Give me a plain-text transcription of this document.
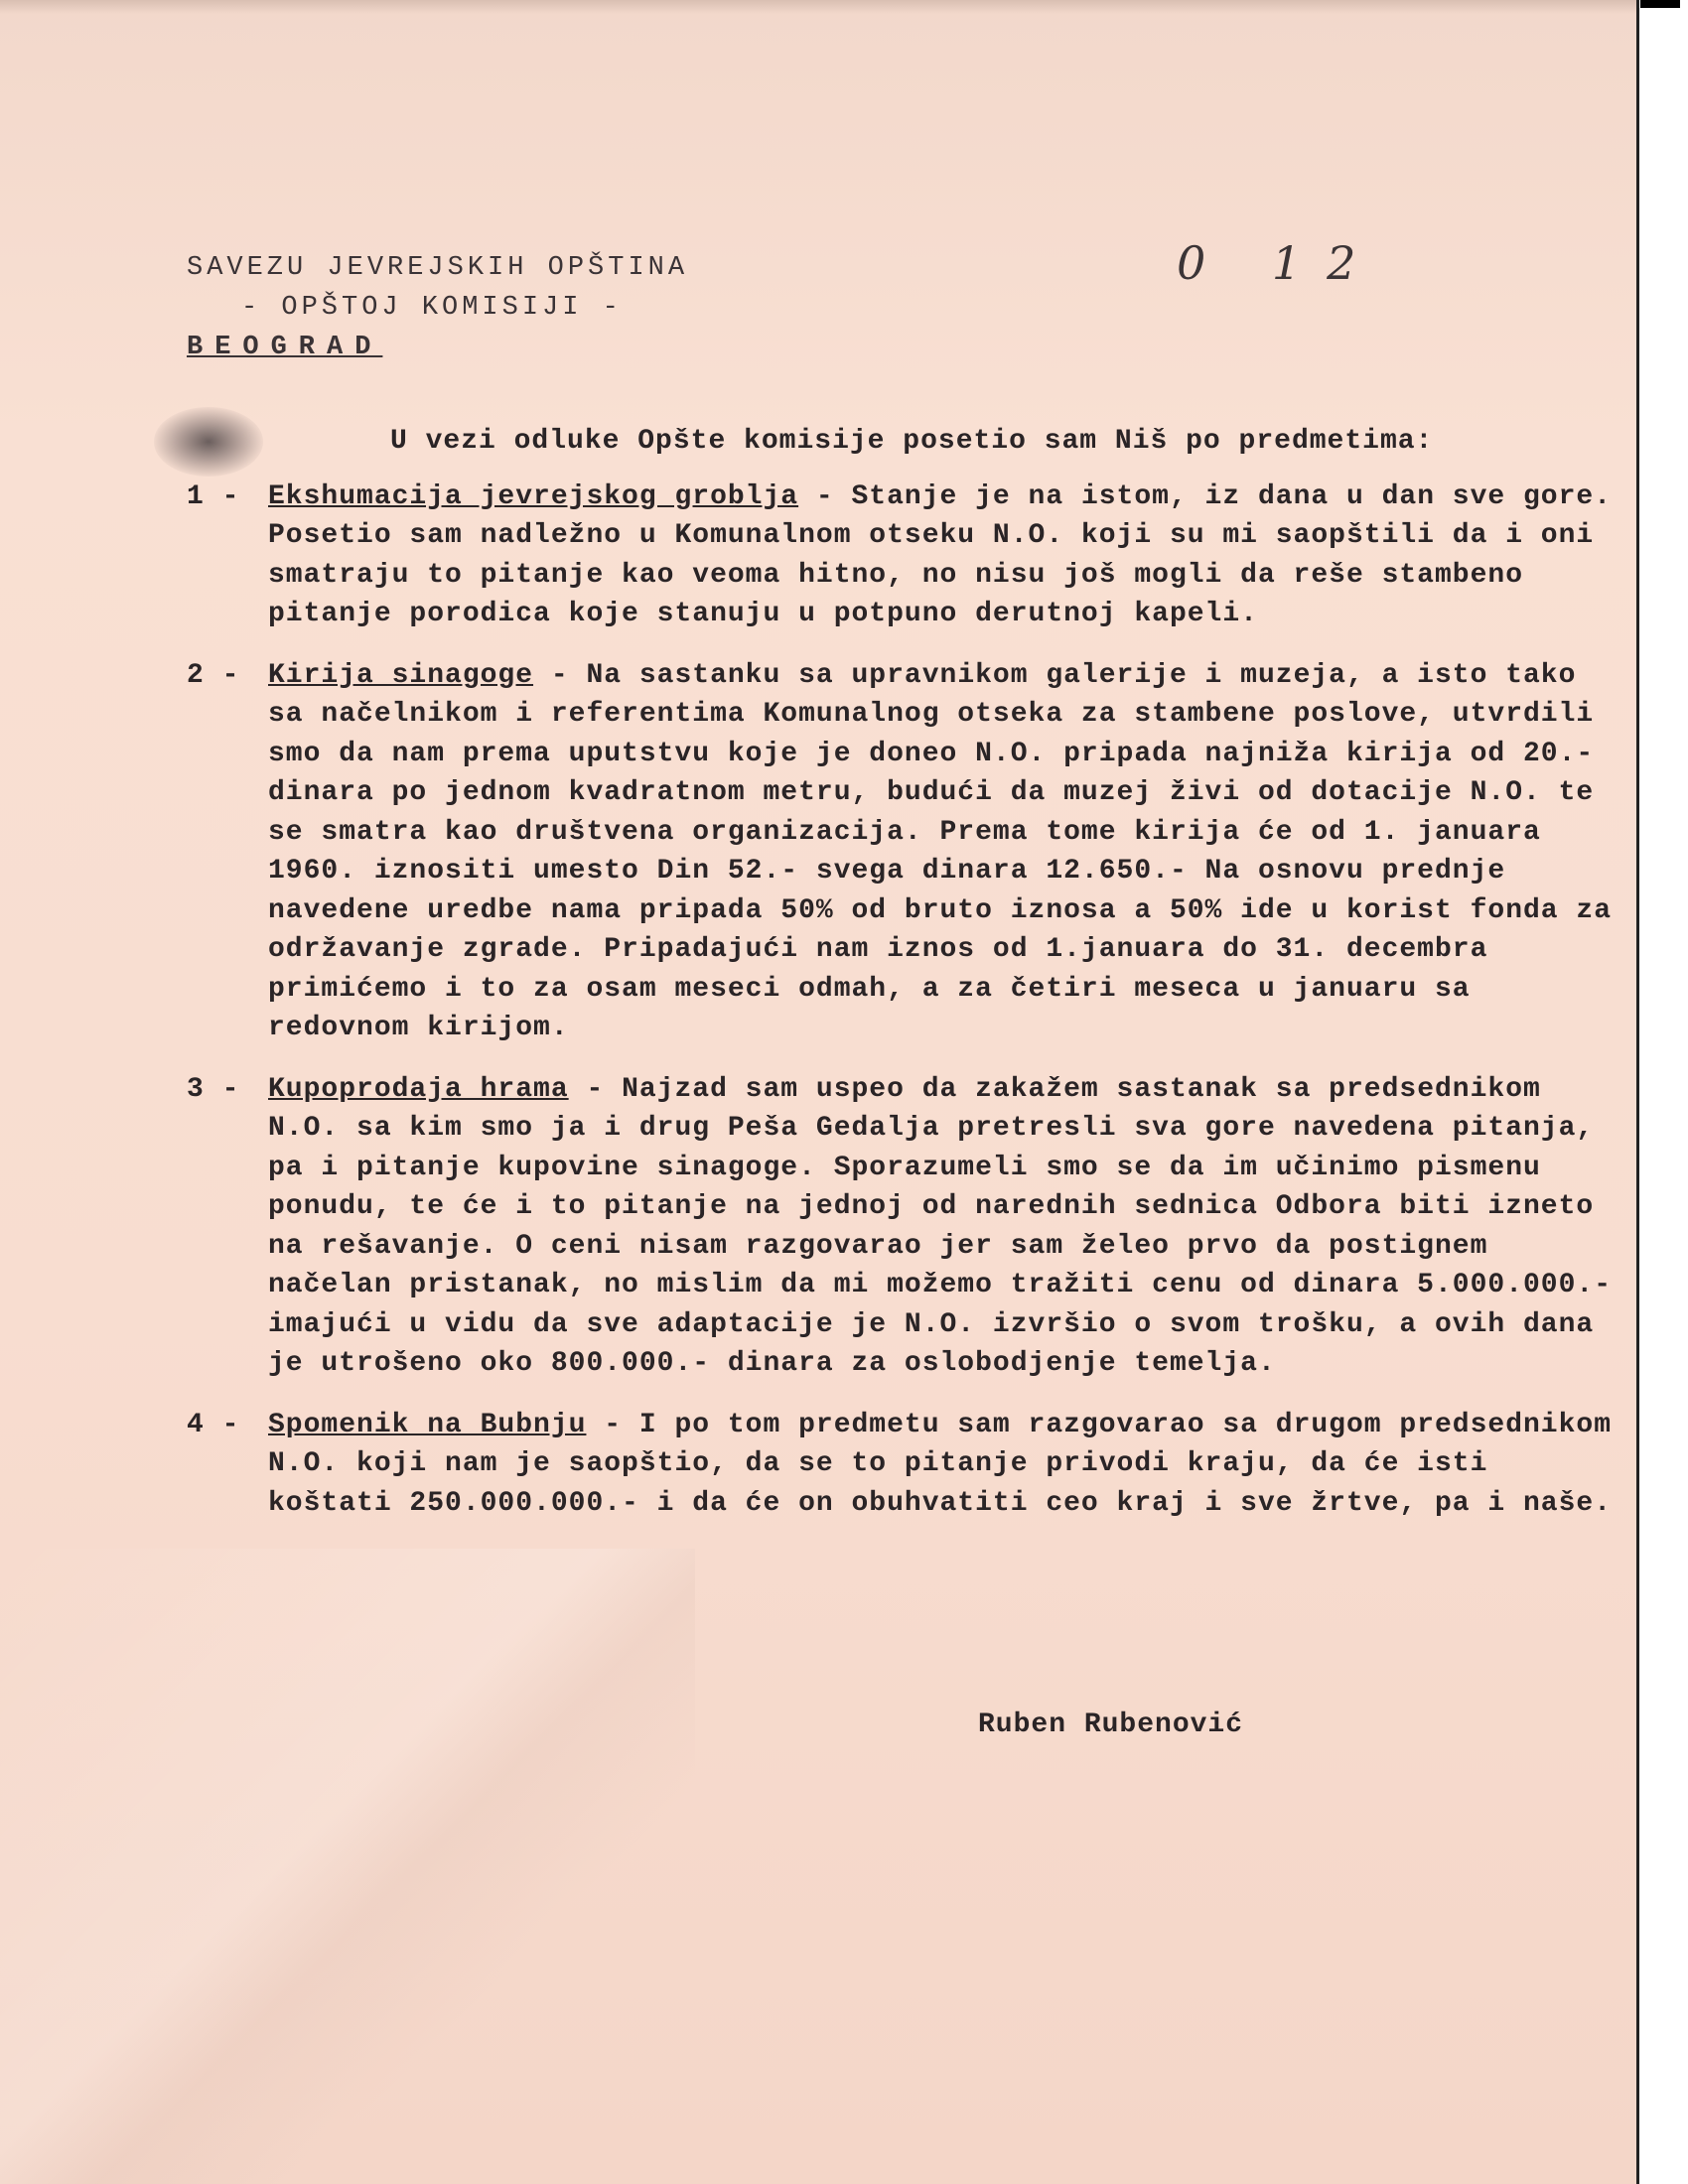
SAVEZU JEVREJSKIH OPŠTINA
- OPŠTOJ KOMISIJI -
BEOGRAD
0 12
U vezi odluke Opšte komisije posetio sam Niš po predmetima:
1 -	Ekshumacija jevrejskog groblja - Stanje je na istom, iz dana u dan sve gore. Posetio sam nadležno u Komunalnom otseku N.O. koji su mi saopštili da i oni smatraju to pitanje kao veoma hitno, no nisu još mogli da reše stambeno pitanje porodica koje stanuju u potpuno derutnoj kapeli.
2 -	Kirija sinagoge - Na sastanku sa upravnikom galerije i muzeja, a isto tako sa načelnikom i referentima Komunalnog otseka za stambene poslove, utvrdili smo da nam prema uputstvu koje je donео N.O. pripada najniža kirija od 20.- dinara po jednom kvadratnom metru, budući da muzej živi od dotacije N.O. te se smatra kao društvena organizacija. Prema tome kirija će od 1. januara 1960. iznositi umesto Din 52.- svega dinara 12.650.- Na osnovu prednje navedene uredbe nama pripada 50% od bruto iznosa a 50% ide u korist fonda za održavanje zgrade. Pripadajući nam iznos od 1.januara do 31. decembra primićemo i to za osam meseci odmah, a za četiri meseca u januaru sa redovnom kirijom.
3 -	Kupoprodaja hrama - Najzad sam uspeo da zakažem sastanak sa predsednikom N.O. sa kim smo ja i drug Peša Gedalja pretresli sva gore navedena pitanja, pa i pitanje kupovine sinagoge. Sporazumeli smo se da im učinimo pismenu ponudu, te će i to pitanje na jednoj od narednih sednica Odbora biti izneto na rešavanje. O ceni nisam razgovarao jer sam želeo prvo da postignem načelan pristanak, no mislim da mi možemo tražiti cenu od dinara 5.000.000.- imajući u vidu da sve adaptacije je N.O. izvršio o svom trošku, a ovih dana je utrošeno oko 800.000.- dinara za oslobodjenje temelja.
4 -	Spomenik na Bubnju - I po tom predmetu sam razgovarao sa drugom predsednikom N.O. koji nam je saopštio, da se to pitanje privodi kraju, da će isti koštati 250.000.000.- i da će on obuhvatiti ceo kraj i sve žrtve, pa i naše.
Ruben Rubenović
